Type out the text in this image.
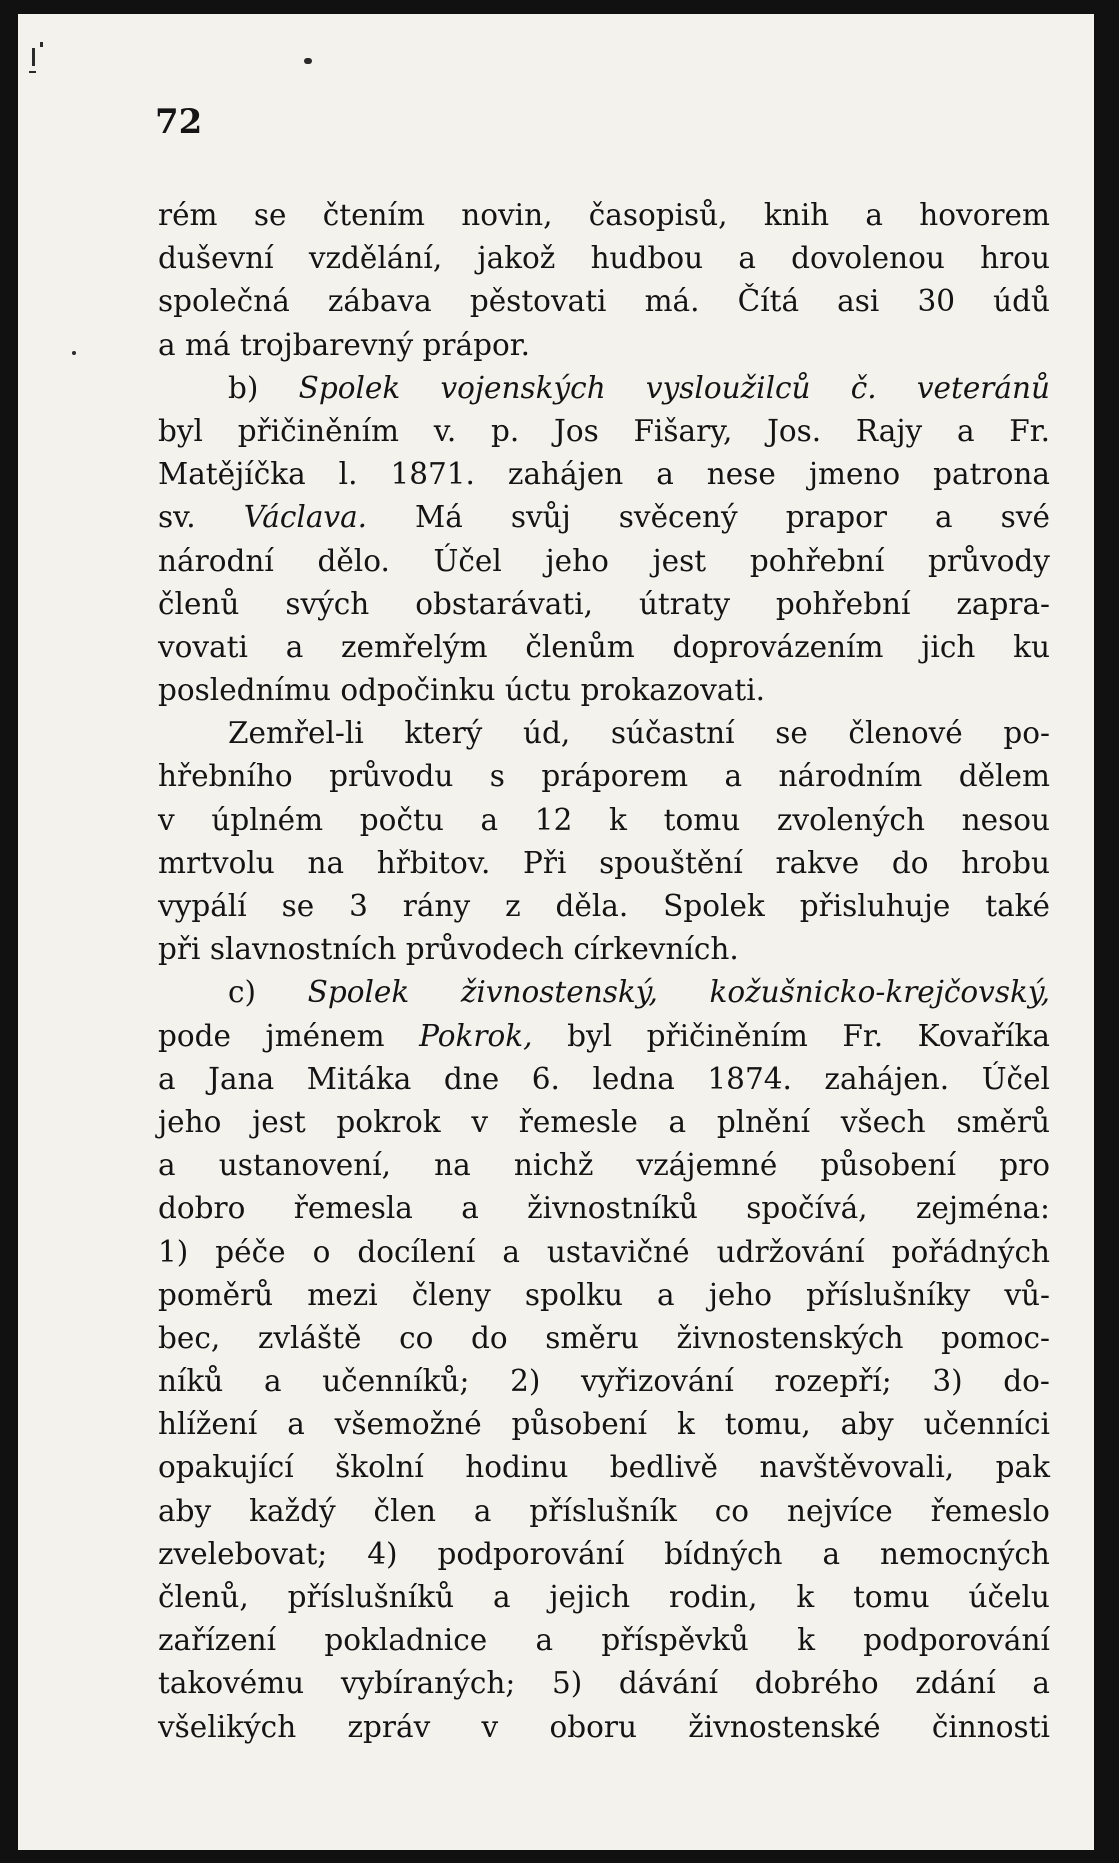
72
rém se čtením novin, časopisů, knih a hovorem
duševní vzdělání, jakož hudbou a dovolenou hrou
společná zábava pěstovati má. Čítá asi 30 údů
a má trojbarevný prápor.
b) Spolek vojenských vysloužilců č. veteránů
byl přičiněním v. p. Jos Fišary, Jos. Rajy a Fr.
Matějíčka l. 1871. zahájen a nese jmeno patrona
sv. Václava. Má svůj svěcený prapor a své
národní dělo. Účel jeho jest pohřební průvody
členů svých obstarávati, útraty pohřební zapra-
vovati a zemřelým členům doprovázením jich ku
poslednímu odpočinku úctu prokazovati.
Zemřel-li který úd, súčastní se členové po-
hřebního průvodu s práporem a národním dělem
v úplném počtu a 12 k tomu zvolených nesou
mrtvolu na hřbitov. Při spouštění rakve do hrobu
vypálí se 3 rány z děla. Spolek přisluhuje také
při slavnostních průvodech církevních.
c) Spolek živnostenský, kožušnicko-krejčovský,
pode jménem Pokrok, byl přičiněním Fr. Kovaříka
a Jana Mitáka dne 6. ledna 1874. zahájen. Účel
jeho jest pokrok v řemesle a plnění všech směrů
a ustanovení, na nichž vzájemné působení pro
dobro řemesla a živnostníků spočívá, zejména:
1) péče o docílení a ustavičné udržování pořádných
poměrů mezi členy spolku a jeho příslušníky vů-
bec, zvláště co do směru živnostenských pomoc-
níků a učenníků; 2) vyřizování rozepří; 3) do-
hlížení a všemožné působení k tomu, aby učenníci
opakující školní hodinu bedlivě navštěvovali, pak
aby každý člen a příslušník co nejvíce řemeslo
zvelebovat; 4) podporování bídných a nemocných
členů, příslušníků a jejich rodin, k tomu účelu
zařízení pokladnice a příspěvků k podporování
takovému vybíraných; 5) dávání dobrého zdání a
všelikých zpráv v oboru živnostenské činnosti
